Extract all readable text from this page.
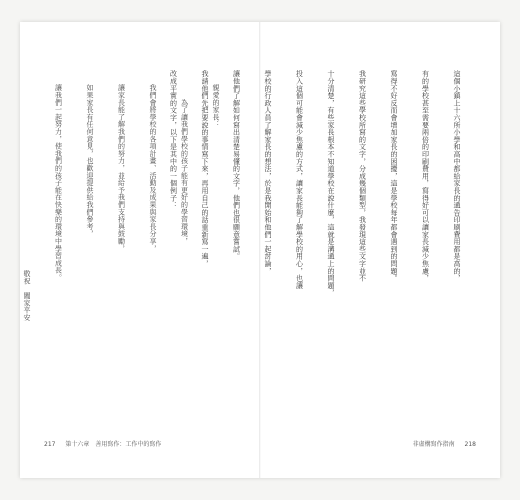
這個小鎮上十六所小學和高中都給家長的通告印刷費用都是高的，

有的學校甚至需要兩倍的印刷費用，寫得好可以讓家長減少焦慮，

寫得不好反而會增加家長的困擾，這是學校每年都會遇到的問題。

我研究這些學校所寫的文字，分成幾個類型，我發現這些文字並不

十分清楚，有些家長根本不知道學校在說什麼，這就是溝通上的問題，

投入這個可能會減少焦慮的方式，讓家長能夠了解學校的用心，也讓

學校的行政人員了解家長的想法，於是我開始和他們一起討論，

讓他們了解如何寫出清楚易懂的文字，他們也很願意嘗試。

我請他們先把要說的事情寫下來，再用自己的話重新寫一遍，

改成平實的文字，以下是其中的一個例子：

非虛構寫作指南 218

親愛的家長：

　　為了讓我們學校的孩子能有更好的學習環境，

我們會將學校的各項計畫、活動及成果與家長分享，

讓家長能了解我們的努力，並給予我們支持與鼓勵，

如果家長有任何意見，也歡迎提供給我們參考，

讓我們一起努力，使我們的孩子能在快樂的環境中學習成長。

敬祝　闔家平安

217 第十六章　善用寫作：工作中的寫作
